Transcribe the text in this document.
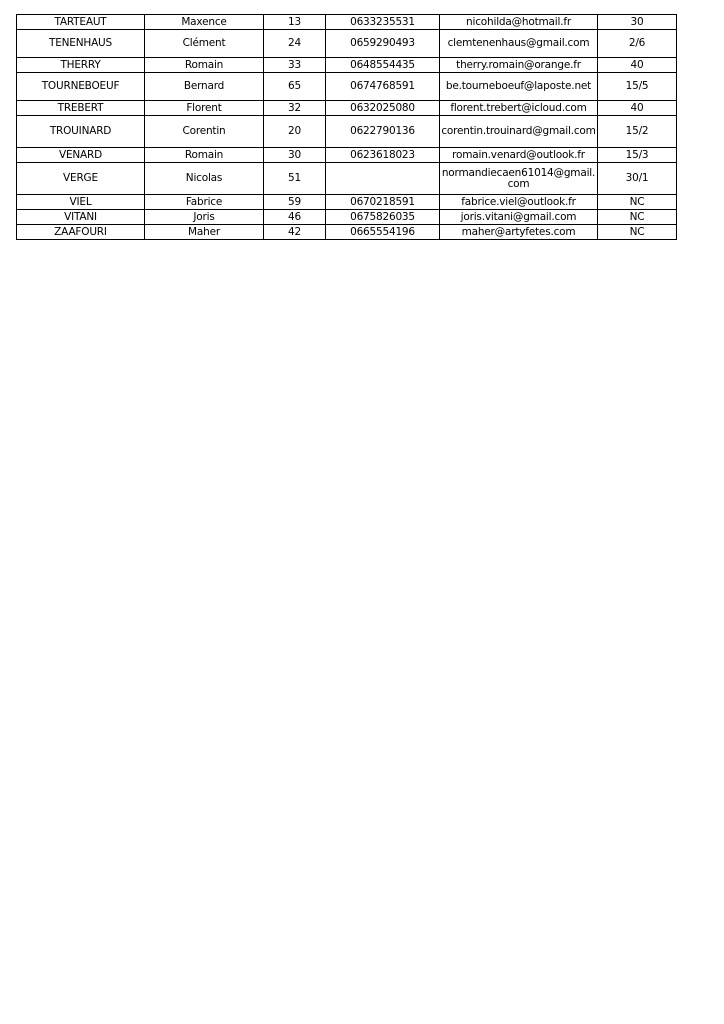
TARTEAUT	Maxence	13	0633235531	nicohilda@hotmail.fr	30
TENENHAUS	Clément	24	0659290493	clemtenenhaus@gmail.com	2/6
THERRY	Romain	33	0648554435	therry.romain@orange.fr	40
TOURNEBOEUF	Bernard	65	0674768591	be.tourneboeuf@laposte.net	15/5
TREBERT	Florent	32	0632025080	florent.trebert@icloud.com	40
TROUINARD	Corentin	20	0622790136	corentin.trouinard@gmail.com	15/2
VENARD	Romain	30	0623618023	romain.venard@outlook.fr	15/3
VERGE	Nicolas	51		normandiecaen61014@gmail.com	30/1
VIEL	Fabrice	59	0670218591	fabrice.viel@outlook.fr	NC
VITANI	Joris	46	0675826035	joris.vitani@gmail.com	NC
ZAAFOURI	Maher	42	0665554196	maher@artyfetes.com	NC
